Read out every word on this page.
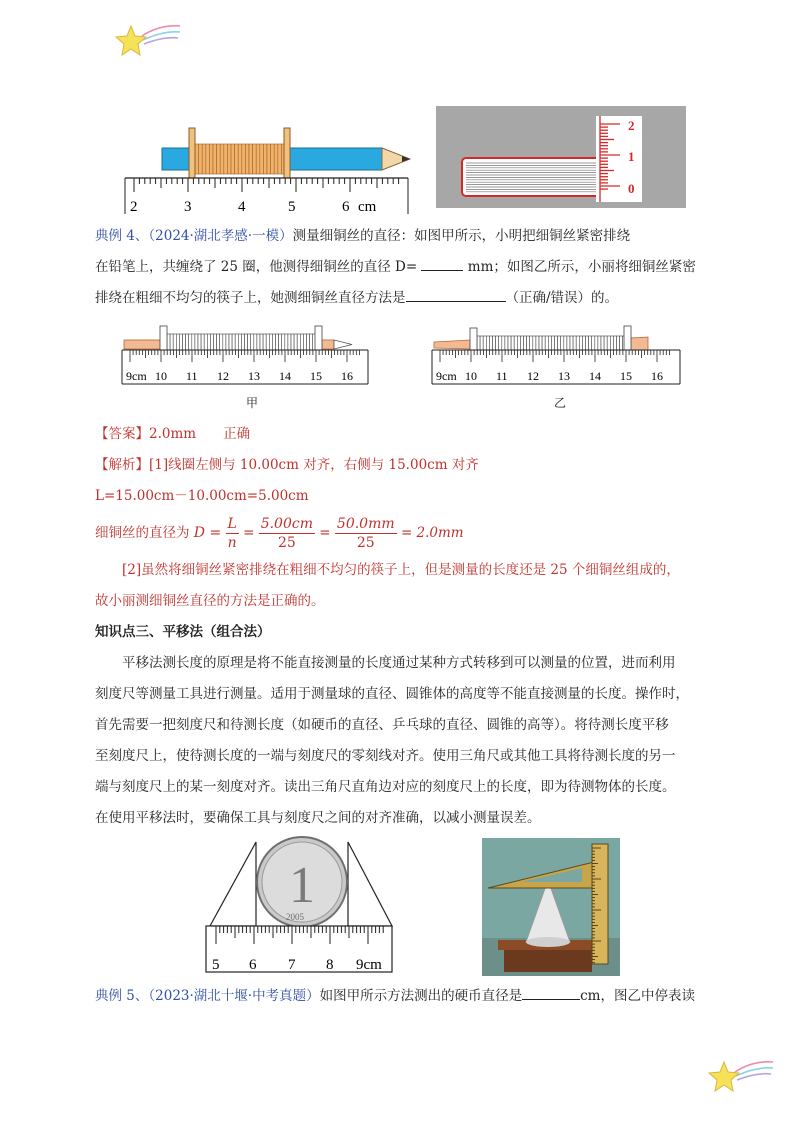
2	3	4	5	6 cm
2
1
0
典例 4、（2024·湖北孝感·一模）测量细铜丝的直径：如图甲所示，小明把细铜丝紧密排绕
在铅笔上，共缠绕了 25 圈，他测得细铜丝的直径 D=	mm；如图乙所示，小丽将细铜丝紧密
排绕在粗细不均匀的筷子上，她测细铜丝直径方法是	（正确/错误）的。
9cm 10 11 12 13 14 15 16	9cm 10 11 12 13 14 15 16
甲	乙
【答案】2.0mm　　正确
【解析】[1]线圈左侧与 10.00cm 对齐，右侧与 15.00cm 对齐
L=15.00cm－10.00cm=5.00cm
细铜丝的直径为 $D = \frac{L}{n} = \frac{5.00cm}{25} = \frac{50.0mm}{25} = 2.0mm$
[2]虽然将细铜丝紧密排绕在粗细不均匀的筷子上，但是测量的长度还是 25 个细铜丝组成的，
故小丽测细铜丝直径的方法是正确的。
知识点三、平移法（组合法）
平移法测长度的原理是将不能直接测量的长度通过某种方式转移到可以测量的位置，进而利用
刻度尺等测量工具进行测量。适用于测量球的直径、圆锥体的高度等不能直接测量的长度。操作时，
首先需要一把刻度尺和待测长度（如硬币的直径、乒乓球的直径、圆锥的高等）。将待测长度平移
至刻度尺上，使待测长度的一端与刻度尺的零刻线对齐。使用三角尺或其他工具将待测长度的另一
端与刻度尺上的某一刻度对齐。读出三角尺直角边对应的刻度尺上的长度，即为待测物体的长度。
在使用平移法时，要确保工具与刻度尺之间的对齐准确，以减小测量误差。
1
2005
5 6 7 8 9cm
典例 5、（2023·湖北十堰·中考真题）如图甲所示方法测出的硬币直径是	cm，图乙中停表读
